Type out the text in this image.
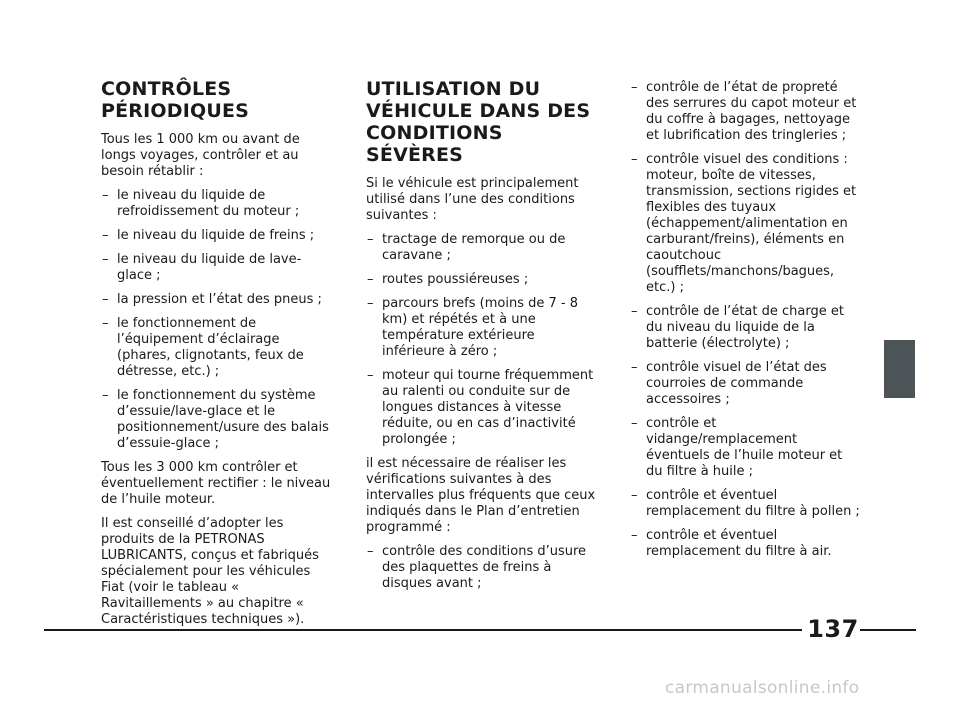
CONTRÔLES
PÉRIODIQUES

Tous les 1 000 km ou avant de longs voyages, contrôler et au besoin rétablir :

– le niveau du liquide de refroidissement du moteur ;
– le niveau du liquide de freins ;
– le niveau du liquide de lave-glace ;
– la pression et l’état des pneus ;
– le fonctionnement de l’équipement d’éclairage (phares, clignotants, feux de détresse, etc.) ;
– le fonctionnement du système d’essuie/lave-glace et le positionnement/usure des balais d’essuie-glace ;

Tous les 3 000 km contrôler et éventuellement rectifier : le niveau de l’huile moteur.

Il est conseillé d’adopter les produits de la PETRONAS LUBRICANTS, conçus et fabriqués spécialement pour les véhicules Fiat (voir le tableau « Ravitaillements » au chapitre « Caractéristiques techniques »).

UTILISATION DU
VÉHICULE DANS DES
CONDITIONS SÉVÈRES

Si le véhicule est principalement utilisé dans l’une des conditions suivantes :

– tractage de remorque ou de caravane ;
– routes poussiéreuses ;
– parcours brefs (moins de 7 - 8 km) et répétés et à une température extérieure inférieure à zéro ;
– moteur qui tourne fréquemment au ralenti ou conduite sur de longues distances à vitesse réduite, ou en cas d’inactivité prolongée ;

il est nécessaire de réaliser les vérifications suivantes à des intervalles plus fréquents que ceux indiqués dans le Plan d’entretien programmé :

– contrôle des conditions d’usure des plaquettes de freins à disques avant ;
– contrôle de l’état de propreté des serrures du capot moteur et du coffre à bagages, nettoyage et lubrification des tringleries ;
– contrôle visuel des conditions : moteur, boîte de vitesses, transmission, sections rigides et flexibles des tuyaux (échappement/alimentation en carburant/freins), éléments en caoutchouc (soufflets/manchons/bagues, etc.) ;
– contrôle de l’état de charge et du niveau du liquide de la batterie (électrolyte) ;
– contrôle visuel de l’état des courroies de commande accessoires ;
– contrôle et vidange/remplacement éventuels de l’huile moteur et du filtre à huile ;
– contrôle et éventuel remplacement du filtre à pollen ;
– contrôle et éventuel remplacement du filtre à air.
137
carmanualsonline.info
